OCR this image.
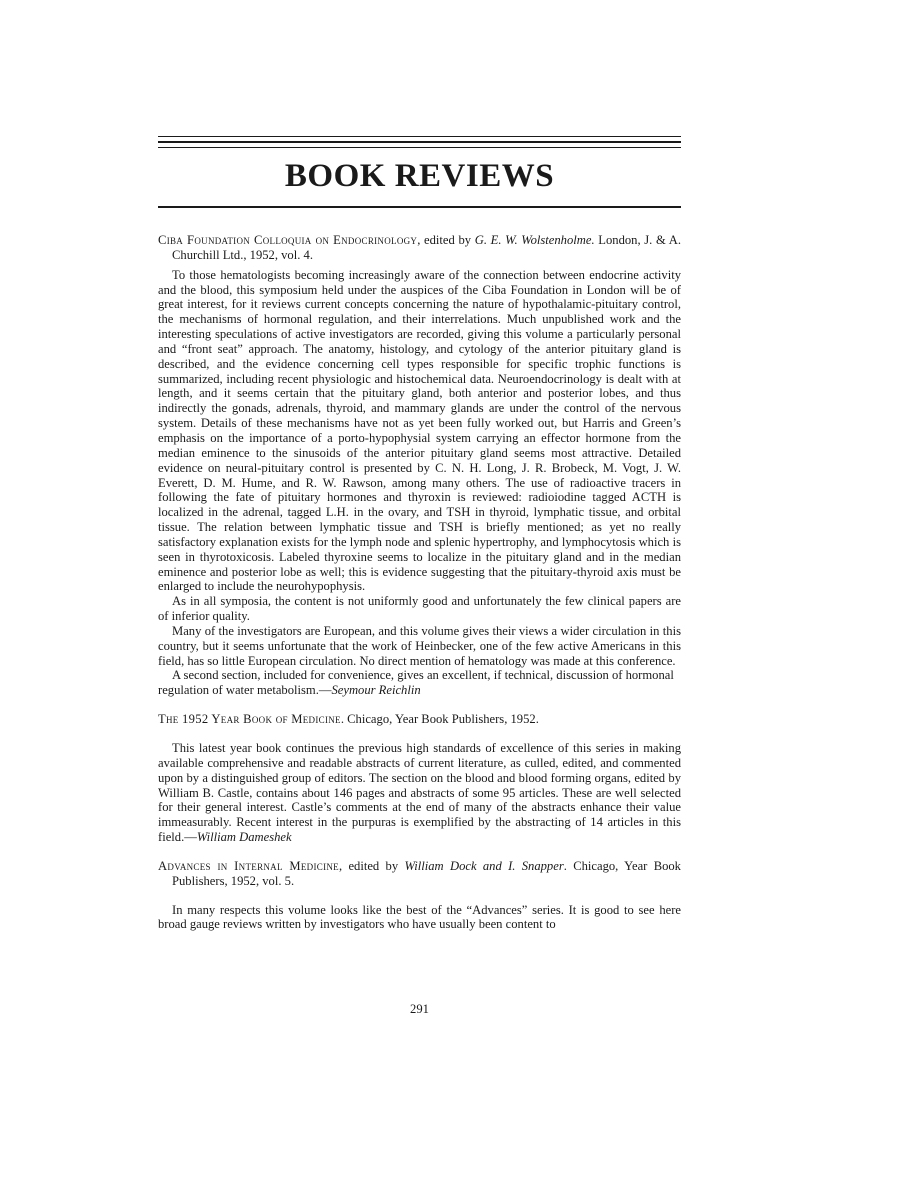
BOOK REVIEWS

Ciba Foundation Colloquia on Endocrinology, edited by G. E. W. Wolstenholme. London, J. & A. Churchill Ltd., 1952, vol. 4.

To those hematologists becoming increasingly aware of the connection between endocrine activity and the blood, this symposium held under the auspices of the Ciba Foundation in London will be of great interest, for it reviews current concepts concerning the nature of hypothalamic-pituitary control, the mechanisms of hormonal regulation, and their interrelations. Much unpublished work and the interesting speculations of active investigators are recorded, giving this volume a particularly personal and “front seat” approach. The anatomy, histology, and cytology of the anterior pituitary gland is described, and the evidence concerning cell types responsible for specific trophic functions is summarized, including recent physiologic and histochemical data. Neuroendocrinology is dealt with at length, and it seems certain that the pituitary gland, both anterior and posterior lobes, and thus indirectly the gonads, adrenals, thyroid, and mammary glands are under the control of the nervous system. Details of these mechanisms have not as yet been fully worked out, but Harris and Green’s emphasis on the importance of a porto-hypophysial system carrying an effector hormone from the median eminence to the sinusoids of the anterior pituitary gland seems most attractive. Detailed evidence on neural-pituitary control is presented by C. N. H. Long, J. R. Brobeck, M. Vogt, J. W. Everett, D. M. Hume, and R. W. Rawson, among many others. The use of radioactive tracers in following the fate of pituitary hormones and thyroxin is reviewed: radioiodine tagged ACTH is localized in the adrenal, tagged L.H. in the ovary, and TSH in thyroid, lymphatic tissue, and orbital tissue. The relation between lymphatic tissue and TSH is briefly mentioned; as yet no really satisfactory explanation exists for the lymph node and splenic hypertrophy, and lymphocytosis which is seen in thyrotoxicosis. Labeled thyroxine seems to localize in the pituitary gland and in the median eminence and posterior lobe as well; this is evidence suggesting that the pituitary-thyroid axis must be enlarged to include the neurohypophysis.

As in all symposia, the content is not uniformly good and unfortunately the few clinical papers are of inferior quality.

Many of the investigators are European, and this volume gives their views a wider circulation in this country, but it seems unfortunate that the work of Heinbecker, one of the few active Americans in this field, has so little European circulation. No direct mention of hematology was made at this conference.

A second section, included for convenience, gives an excellent, if technical, discussion of hormonal regulation of water metabolism.—Seymour Reichlin

The 1952 Year Book of Medicine. Chicago, Year Book Publishers, 1952.

This latest year book continues the previous high standards of excellence of this series in making available comprehensive and readable abstracts of current literature, as culled, edited, and commented upon by a distinguished group of editors. The section on the blood and blood forming organs, edited by William B. Castle, contains about 146 pages and abstracts of some 95 articles. These are well selected for their general interest. Castle’s comments at the end of many of the abstracts enhance their value immeasurably. Recent interest in the purpuras is exemplified by the abstracting of 14 articles in this field.—William Dameshek

Advances in Internal Medicine, edited by William Dock and I. Snapper. Chicago, Year Book Publishers, 1952, vol. 5.

In many respects this volume looks like the best of the “Advances” series. It is good to see here broad gauge reviews written by investigators who have usually been content to

291
